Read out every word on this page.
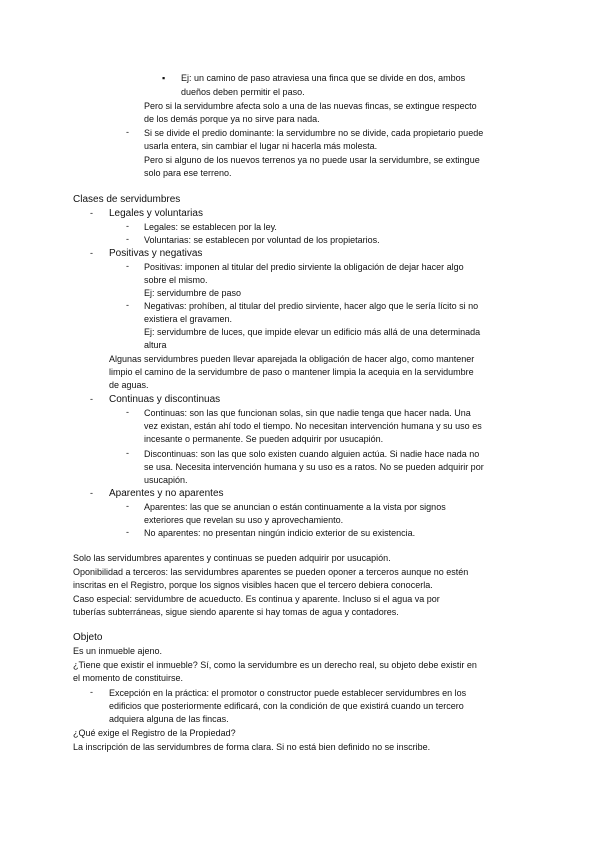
▪ Ej: un camino de paso atraviesa una finca que se divide en dos, ambos
dueños deben permitir el paso.
Pero si la servidumbre afecta solo a una de las nuevas fincas, se extingue respecto
de los demás porque ya no sirve para nada.
- Si se divide el predio dominante: la servidumbre no se divide, cada propietario puede
usarla entera, sin cambiar el lugar ni hacerla más molesta.
Pero si alguno de los nuevos terrenos ya no puede usar la servidumbre, se extingue
solo para ese terreno.
Clases de servidumbres
- Legales y voluntarias
- Legales: se establecen por la ley.
- Voluntarias: se establecen por voluntad de los propietarios.
- Positivas y negativas
- Positivas: imponen al titular del predio sirviente la obligación de dejar hacer algo
sobre el mismo.
Ej: servidumbre de paso
- Negativas: prohíben, al titular del predio sirviente, hacer algo que le sería lícito si no
existiera el gravamen.
Ej: servidumbre de luces, que impide elevar un edificio más allá de una determinada
altura
Algunas servidumbres pueden llevar aparejada la obligación de hacer algo, como mantener
limpio el camino de la servidumbre de paso o mantener limpia la acequia en la servidumbre
de aguas.
- Continuas y discontinuas
- Continuas: son las que funcionan solas, sin que nadie tenga que hacer nada. Una
vez existan, están ahí todo el tiempo. No necesitan intervención humana y su uso es
incesante o permanente. Se pueden adquirir por usucapión.
- Discontinuas: son las que solo existen cuando alguien actúa. Si nadie hace nada no
se usa. Necesita intervención humana y su uso es a ratos. No se pueden adquirir por
usucapión.
- Aparentes y no aparentes
- Aparentes: las que se anuncian o están continuamente a la vista por signos
exteriores que revelan su uso y aprovechamiento.
- No aparentes: no presentan ningún indicio exterior de su existencia.
Solo las servidumbres aparentes y continuas se pueden adquirir por usucapión.
Oponibilidad a terceros: las servidumbres aparentes se pueden oponer a terceros aunque no estén
inscritas en el Registro, porque los signos visibles hacen que el tercero debiera conocerla.
Caso especial: servidumbre de acueducto. Es continua y aparente. Incluso si el agua va por
tuberías subterráneas, sigue siendo aparente si hay tomas de agua y contadores.
Objeto
Es un inmueble ajeno.
¿Tiene que existir el inmueble? Sí, como la servidumbre es un derecho real, su objeto debe existir en
el momento de constituirse.
- Excepción en la práctica: el promotor o constructor puede establecer servidumbres en los
edificios que posteriormente edificará, con la condición de que existirá cuando un tercero
adquiera alguna de las fincas.
¿Qué exige el Registro de la Propiedad?
La inscripción de las servidumbres de forma clara. Si no está bien definido no se inscribe.
